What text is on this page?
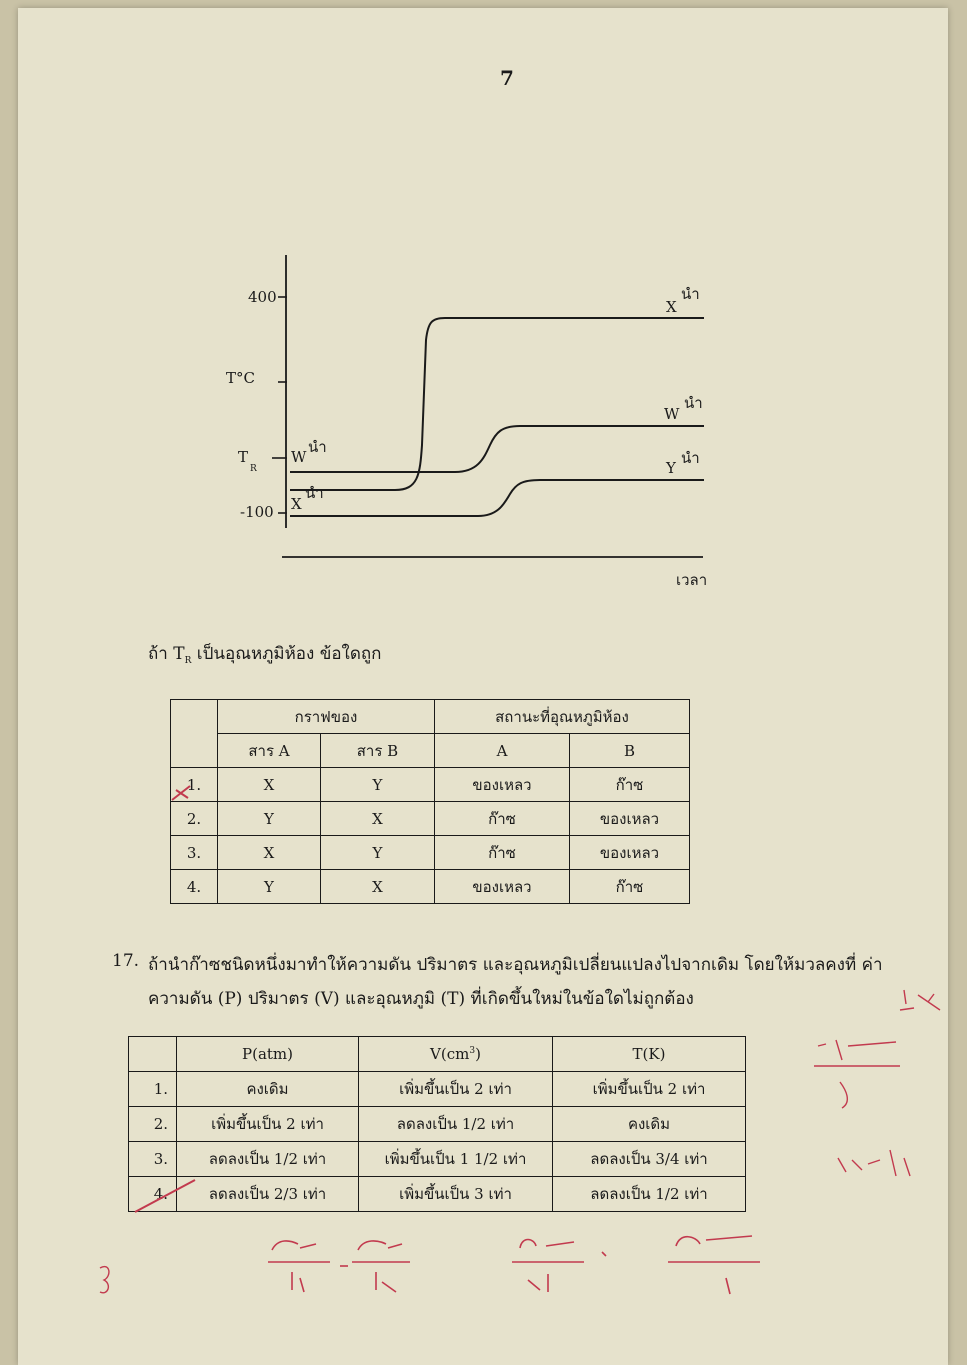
7
400
T°C
T
R
-100
เวลา
W
นำ
X
นำ
X
นำ
W
นำ
Y
นำ
ถ้า $T_R$ เป็นอุณหภูมิห้อง ข้อใดถูก
	กราฟของ		สถานะที่อุณหภูมิห้อง	
	สาร A	สาร B	A	B
1.	X	Y	ของเหลว	ก๊าซ
2.	Y	X	ก๊าซ	ของเหลว
3.	X	Y	ก๊าซ	ของเหลว
4.	Y	X	ของเหลว	ก๊าซ
17. ถ้านำก๊าซชนิดหนึ่งมาทำให้ความดัน ปริมาตร และอุณหภูมิเปลี่ยนแปลงไปจากเดิม โดยให้มวลคงที่ ค่า
ความดัน (P) ปริมาตร (V) และอุณหภูมิ (T) ที่เกิดขึ้นใหม่ในข้อใดไม่ถูกต้อง
	P(atm)	$V(cm^3)$	T(K)
1.	คงเดิม	เพิ่มขึ้นเป็น 2 เท่า	เพิ่มขึ้นเป็น 2 เท่า
2.	เพิ่มขึ้นเป็น 2 เท่า	ลดลงเป็น 1/2 เท่า	คงเดิม
3.	ลดลงเป็น 1/2 เท่า	เพิ่มขึ้นเป็น 1 1/2 เท่า	ลดลงเป็น 3/4 เท่า
4.	ลดลงเป็น 2/3 เท่า	เพิ่มขึ้นเป็น 3 เท่า	ลดลงเป็น 1/2 เท่า
